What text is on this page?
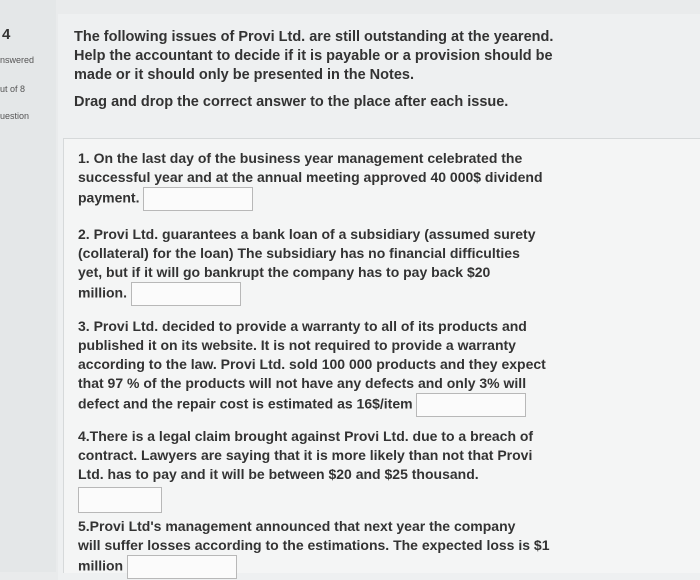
4
nswered
ut of 8
uestion

The following issues of Provi Ltd. are still outstanding at the yearend.

Help the accountant to decide if it is payable or a provision should be

made or it should only be presented in the Notes.

Drag and drop the correct answer to the place after each issue.

1. On the last day of the business year management celebrated the
successful year and at the annual meeting approved 40 000$ dividend
payment.
2. Provi Ltd. guarantees a bank loan of a subsidiary (assumed surety
(collateral) for the loan) The subsidiary has no financial difficulties
yet, but if it will go bankrupt the company has to pay back $20
million.
3. Provi Ltd. decided to provide a warranty to all of its products and
published it on its website. It is not required to provide a warranty
according to the law. Provi Ltd. sold 100 000 products and they expect
that 97 % of the products will not have any defects and only 3% will
defect and the repair cost is estimated as 16$/item
4.There is a legal claim brought against Provi Ltd. due to a breach of
contract. Lawyers are saying that it is more likely than not that Provi
Ltd. has to pay and it will be between $20 and $25 thousand.
5.Provi Ltd's management announced that next year the company
will suffer losses according to the estimations. The expected loss is $1
million
